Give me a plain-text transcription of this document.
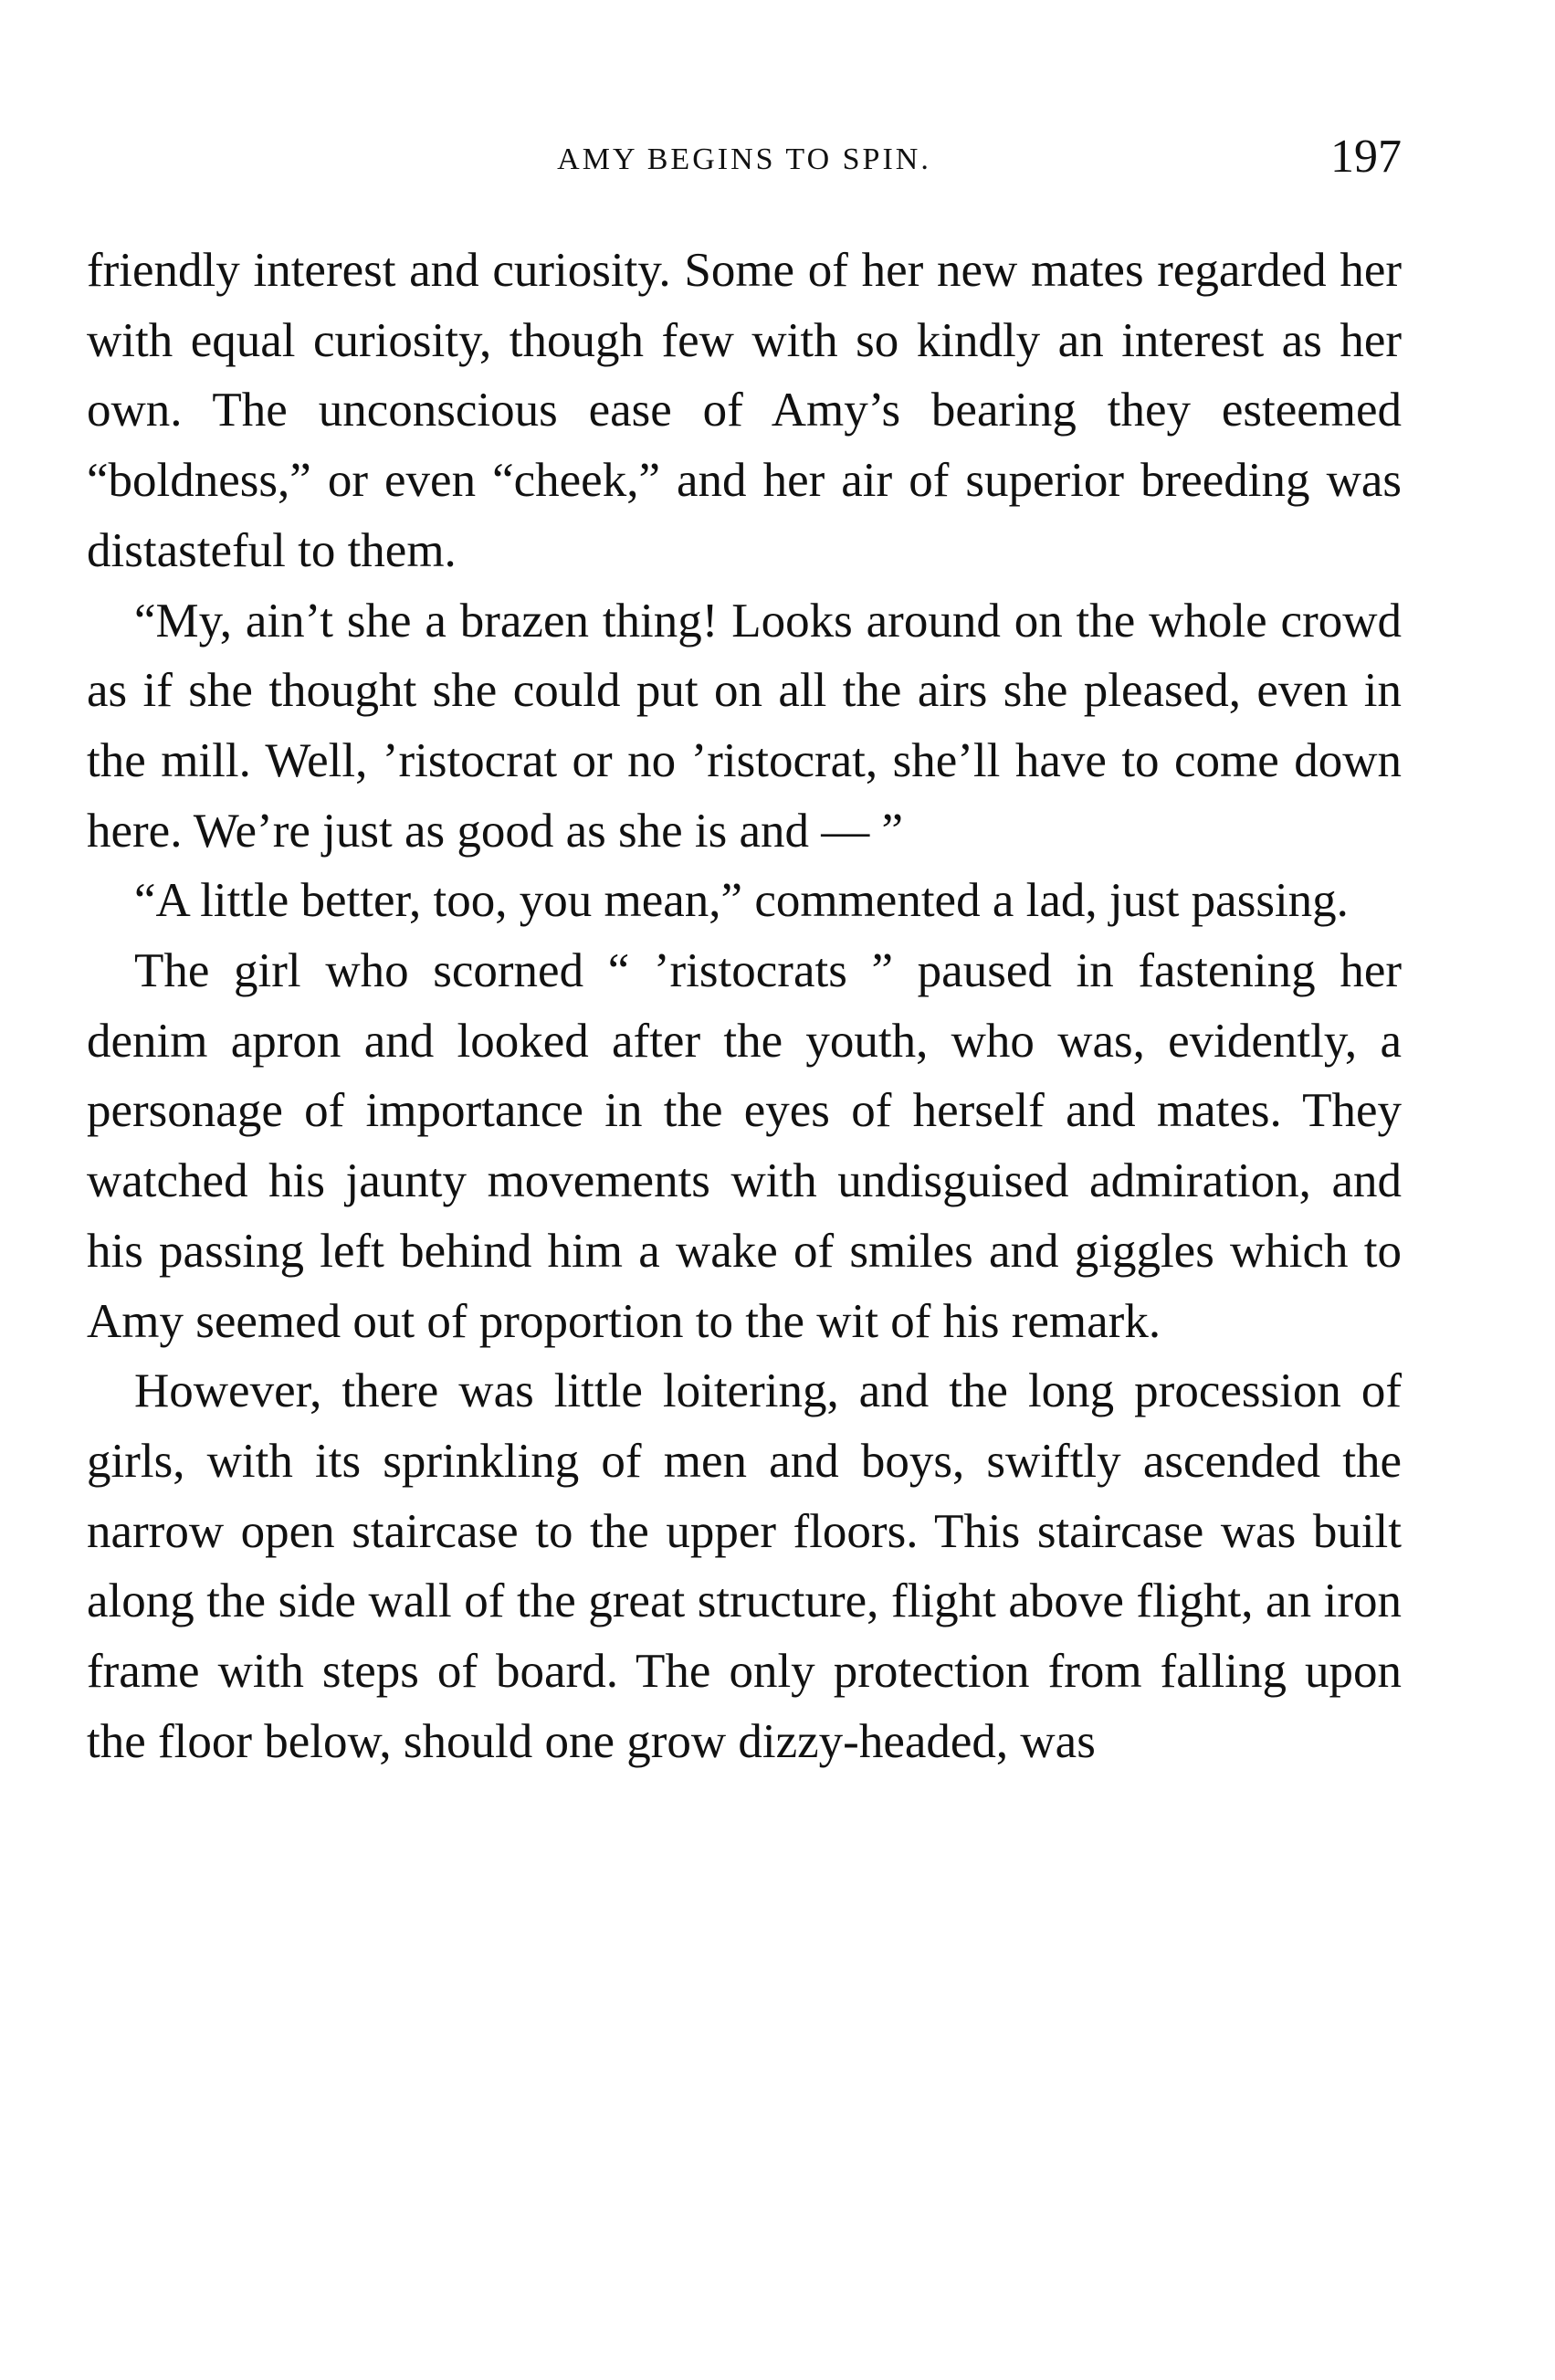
AMY BEGINS TO SPIN.	197

friendly interest and curiosity. Some of her new mates regarded her with equal curiosity, though few with so kindly an interest as her own. The unconscious ease of Amy’s bearing they esteemed “boldness,” or even “cheek,” and her air of superior breeding was distasteful to them.

“My, ain’t she a brazen thing! Looks around on the whole crowd as if she thought she could put on all the airs she pleased, even in the mill. Well, ’ristocrat or no ’ristocrat, she’ll have to come down here. We’re just as good as she is and — ”

“A little better, too, you mean,” commented a lad, just passing.

The girl who scorned “ ’ristocrats ” paused in fastening her denim apron and looked after the youth, who was, evidently, a personage of importance in the eyes of herself and mates. They watched his jaunty movements with undisguised admiration, and his passing left behind him a wake of smiles and giggles which to Amy seemed out of proportion to the wit of his remark.

However, there was little loitering, and the long procession of girls, with its sprinkling of men and boys, swiftly ascended the narrow open staircase to the upper floors. This staircase was built along the side wall of the great structure, flight above flight, an iron frame with steps of board. The only protection from falling upon the floor below, should one grow dizzy-headed, was
